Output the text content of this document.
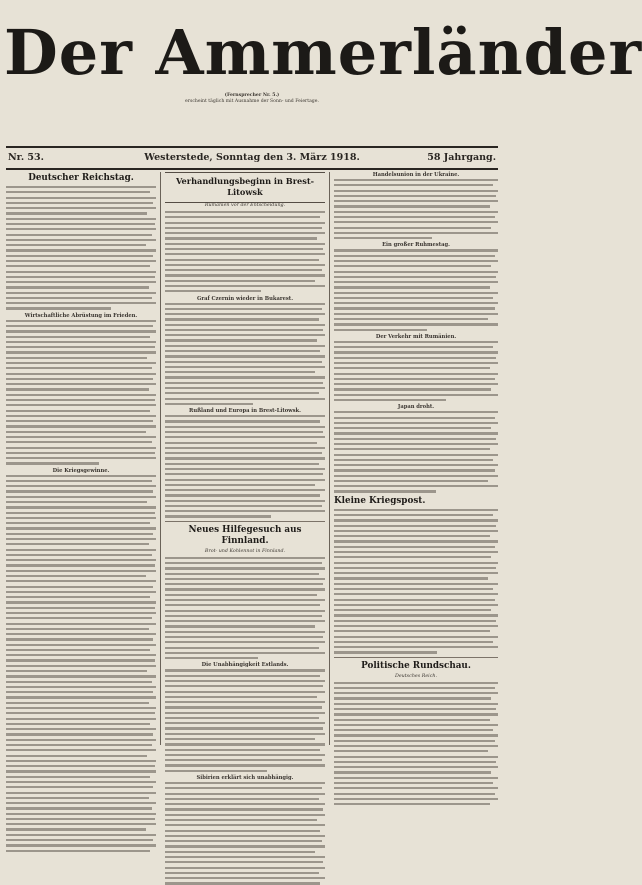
Der Ammerländer
(Fernsprecher Nr. 5.)
erscheint täglich mit Ausnahme der Sonn- und Feiertage.
Nr. 53.	Westerstede, Sonntag den 3. März 1918.	58 Jahrgang.
Deutscher Reichstag.
Wirtschaftliche Abrüstung im Frieden.
Die Kriegsgewinne.
Verhandlungsbeginn in Brest-Litowsk
Rumänien vor der Entscheidung.
Graf Czernin wieder in Bukarest.
Rußland und Europa in Brest-Litowsk.
Neues Hilfegesuch aus Finnland.
Brot- und Kohlennot in Finnland.
Die Unabhängigkeit Estlands.
Sibirien erklärt sich unabhängig.
Handelsunion in der Ukraine.
Ein großer Ruhmestag.
Der Verkehr mit Rumänien.
Japan droht.
Kleine Kriegspost.
Politische Rundschau.
Deutsches Reich.
